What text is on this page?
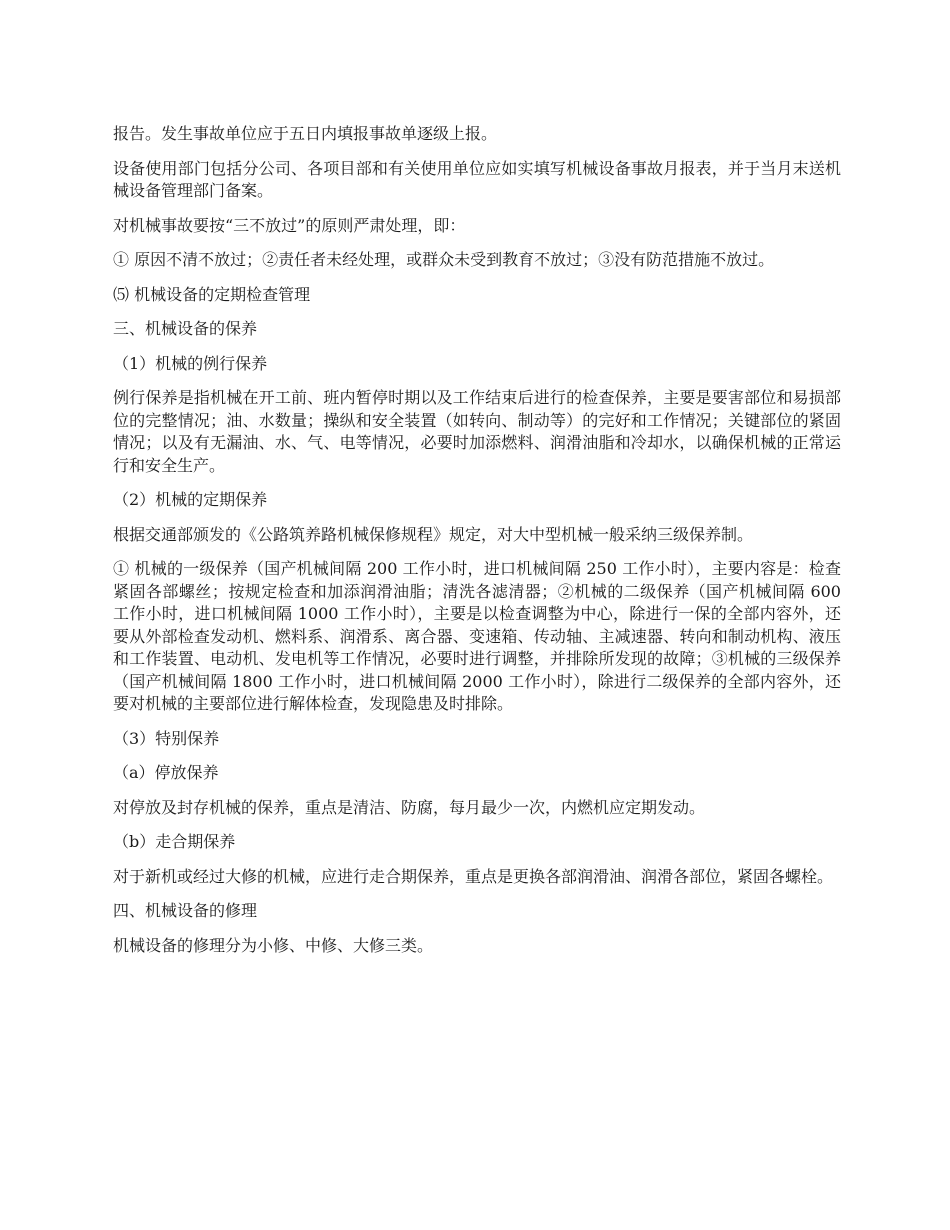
报告。发生事故单位应于五日内填报事故单逐级上报。

设备使用部门包括分公司、各项目部和有关使用单位应如实填写机械设备事故月报表，并于当月末送机械设备管理部门备案。

对机械事故要按“三不放过”的原则严肃处理，即：

① 原因不清不放过；②责任者未经处理，或群众未受到教育不放过；③没有防范措施不放过。

⑸ 机械设备的定期检查管理

三、机械设备的保养

（1）机械的例行保养

例行保养是指机械在开工前、班内暂停时期以及工作结束后进行的检查保养，主要是要害部位和易损部位的完整情况；油、水数量；操纵和安全装置（如转向、制动等）的完好和工作情况；关键部位的紧固情况；以及有无漏油、水、气、电等情况，必要时加添燃料、润滑油脂和冷却水，以确保机械的正常运行和安全生产。

（2）机械的定期保养

根据交通部颁发的《公路筑养路机械保修规程》规定，对大中型机械一般采纳三级保养制。

① 机械的一级保养（国产机械间隔 200 工作小时，进口机械间隔 250 工作小时），主要内容是：检查紧固各部螺丝；按规定检查和加添润滑油脂；清洗各滤清器；②机械的二级保养（国产机械间隔 600 工作小时，进口机械间隔 1000 工作小时），主要是以检查调整为中心，除进行一保的全部内容外，还要从外部检查发动机、燃料系、润滑系、离合器、变速箱、传动轴、主减速器、转向和制动机构、液压和工作装置、电动机、发电机等工作情况，必要时进行调整，并排除所发现的故障；③机械的三级保养（国产机械间隔 1800 工作小时，进口机械间隔 2000 工作小时），除进行二级保养的全部内容外，还要对机械的主要部位进行解体检查，发现隐患及时排除。

（3）特别保养

（a）停放保养

对停放及封存机械的保养，重点是清洁、防腐，每月最少一次，内燃机应定期发动。

（b）走合期保养

对于新机或经过大修的机械，应进行走合期保养，重点是更换各部润滑油、润滑各部位，紧固各螺栓。

四、机械设备的修理

机械设备的修理分为小修、中修、大修三类。
